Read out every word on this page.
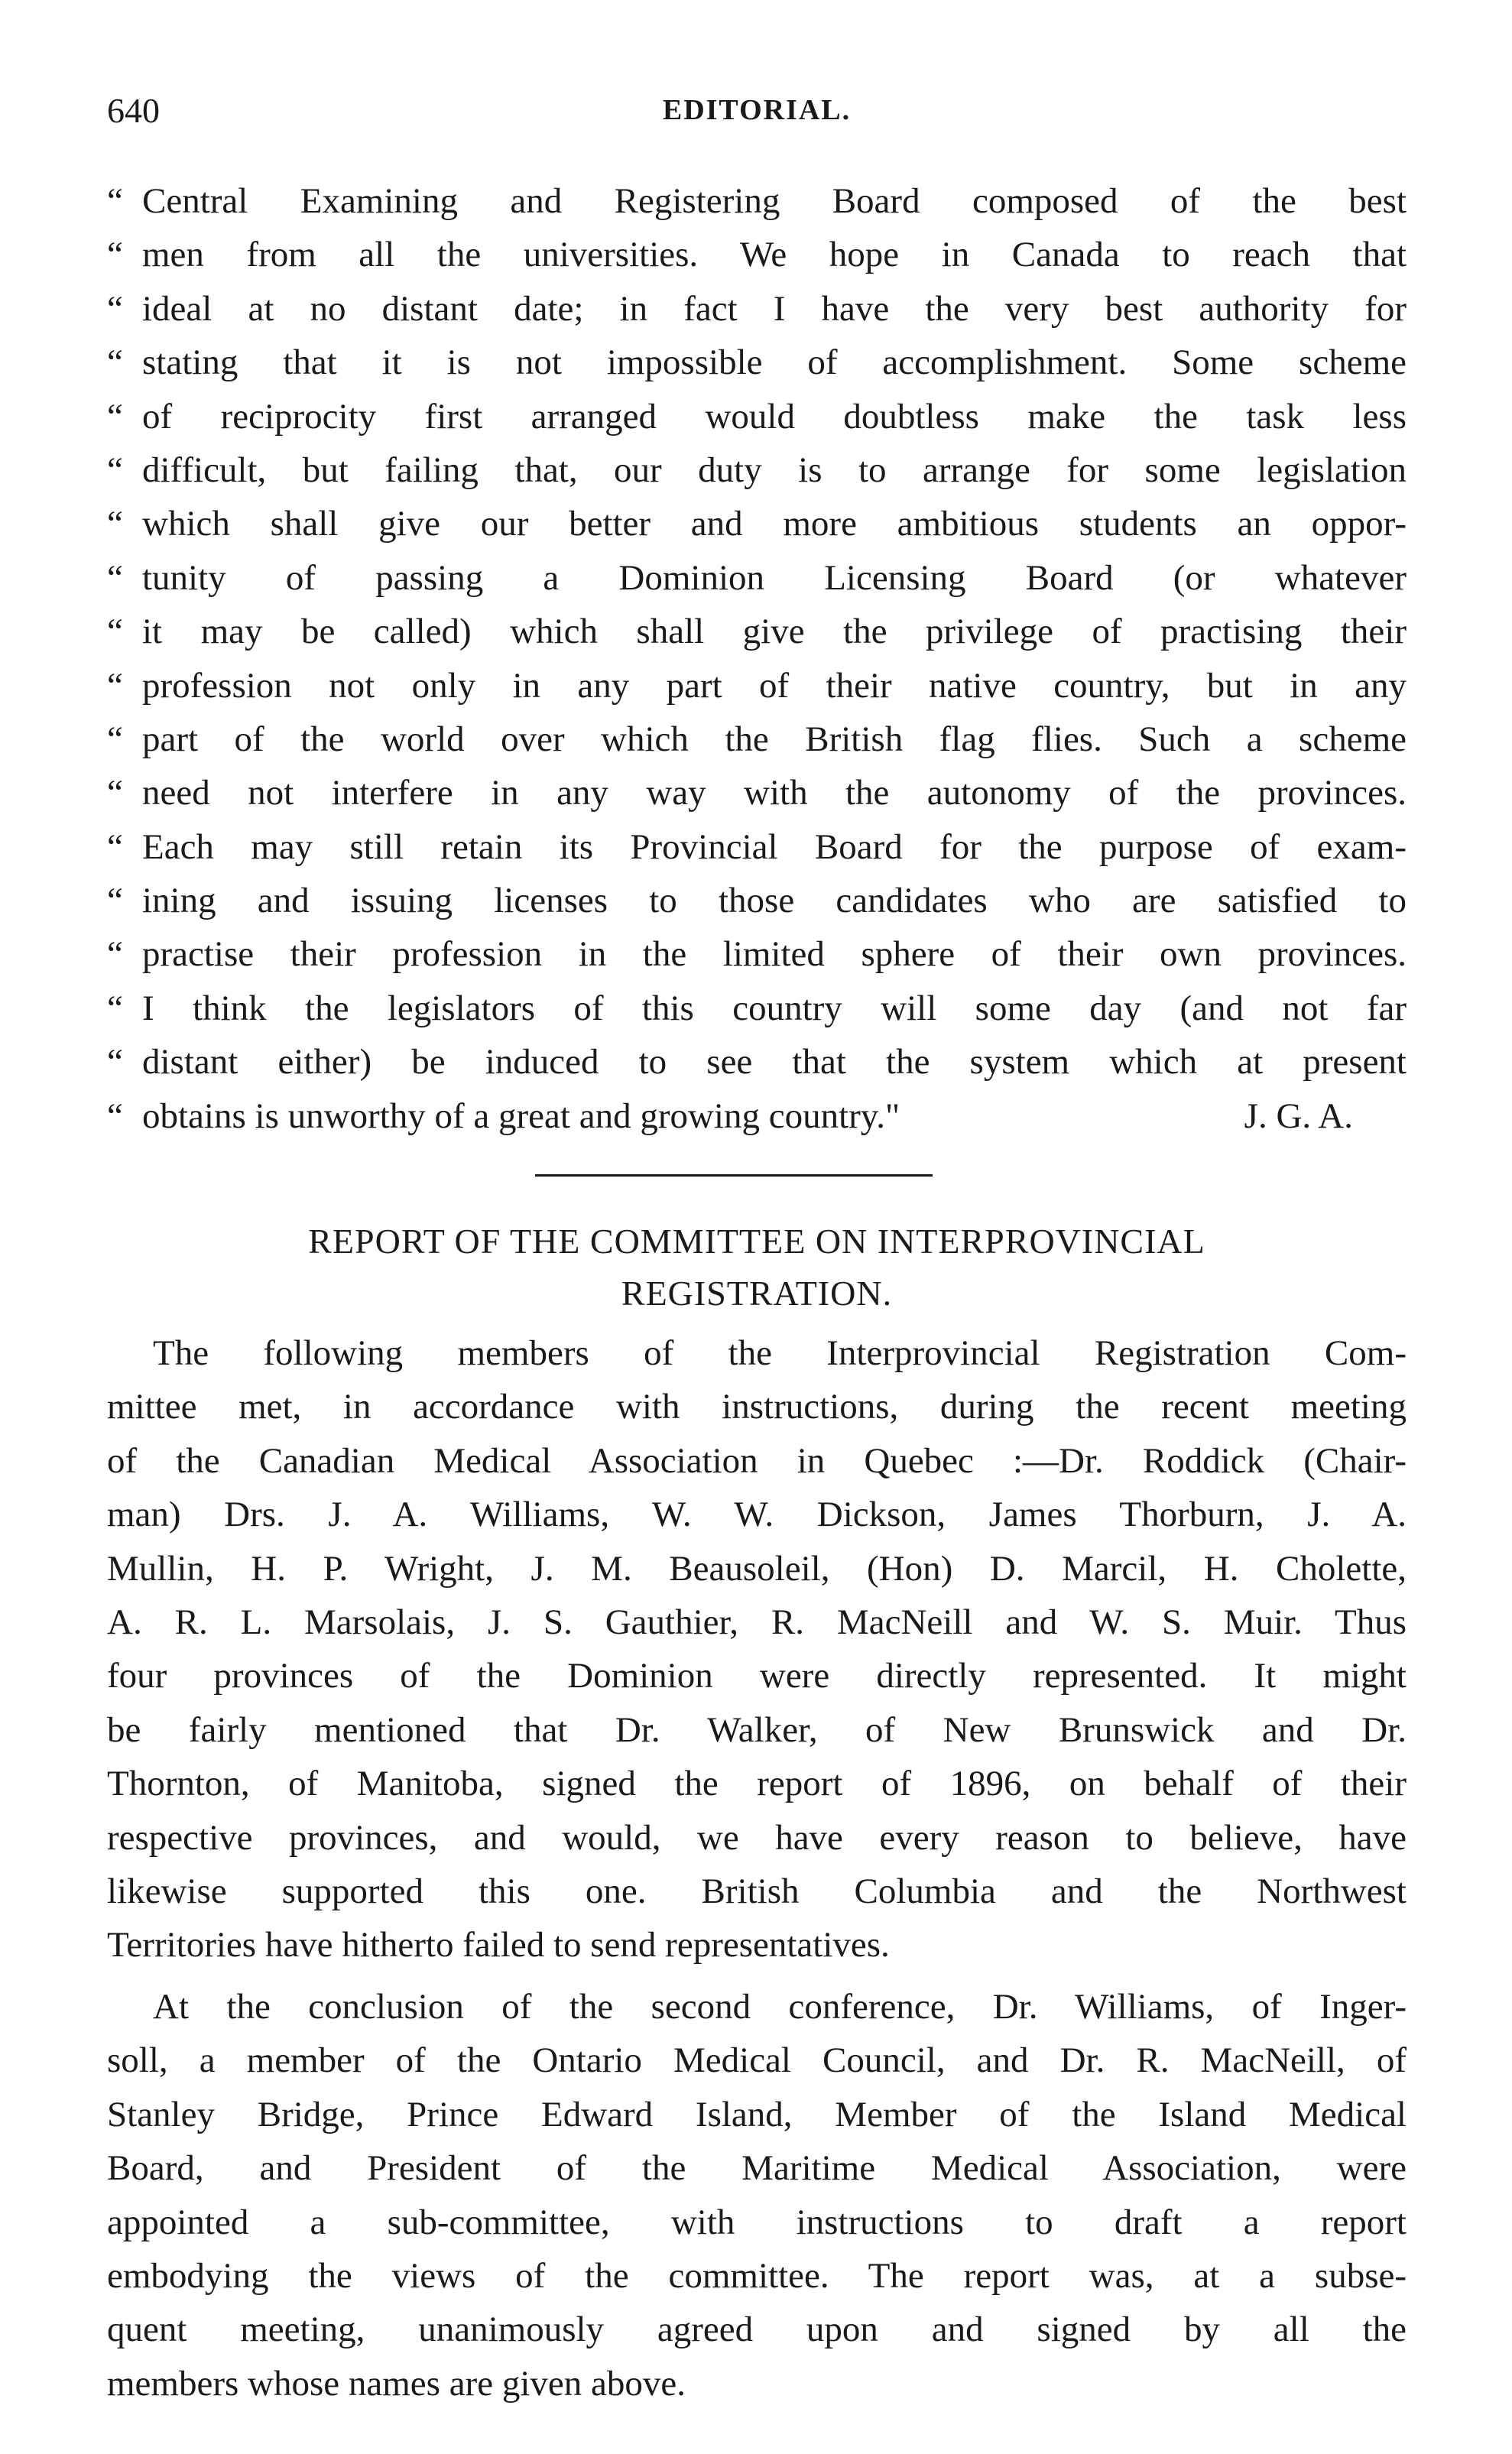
640	EDITORIAL.
“ Central Examining and Registering Board composed of the best
“ men from all the universities. We hope in Canada to reach that
“ ideal at no distant date; in fact I have the very best authority for
“ stating that it is not impossible of accomplishment. Some scheme
“ of reciprocity first arranged would doubtless make the task less
“ difficult, but failing that, our duty is to arrange for some legislation
“ which shall give our better and more ambitious students an oppor-
“ tunity of passing a Dominion Licensing Board (or whatever
“ it may be called) which shall give the privilege of practising their
“ profession not only in any part of their native country, but in any
“ part of the world over which the British flag flies. Such a scheme
“ need not interfere in any way with the autonomy of the provinces.
“ Each may still retain its Provincial Board for the purpose of exam-
“ ining and issuing licenses to those candidates who are satisfied to
“ practise their profession in the limited sphere of their own provinces.
“ I think the legislators of this country will some day (and not far
“ distant either) be induced to see that the system which at present
“ obtains is unworthy of a great and growing country."	J. G. A.
REPORT OF THE COMMITTEE ON INTERPROVINCIAL
REGISTRATION.
The following members of the Interprovincial Registration Com-
mittee met, in accordance with instructions, during the recent meeting
of the Canadian Medical Association in Quebec :—Dr. Roddick (Chair-
man) Drs. J. A. Williams, W. W. Dickson, James Thorburn, J. A.
Mullin, H. P. Wright, J. M. Beausoleil, (Hon) D. Marcil, H. Cholette,
A. R. L. Marsolais, J. S. Gauthier, R. MacNeill and W. S. Muir. Thus
four provinces of the Dominion were directly represented. It might
be fairly mentioned that Dr. Walker, of New Brunswick and Dr.
Thornton, of Manitoba, signed the report of 1896, on behalf of their
respective provinces, and would, we have every reason to believe, have
likewise supported this one. British Columbia and the Northwest
Territories have hitherto failed to send representatives.
At the conclusion of the second conference, Dr. Williams, of Inger-
soll, a member of the Ontario Medical Council, and Dr. R. MacNeill, of
Stanley Bridge, Prince Edward Island, Member of the Island Medical
Board, and President of the Maritime Medical Association, were
appointed a sub-committee, with instructions to draft a report
embodying the views of the committee. The report was, at a subse-
quent meeting, unanimously agreed upon and signed by all the
members whose names are given above.
